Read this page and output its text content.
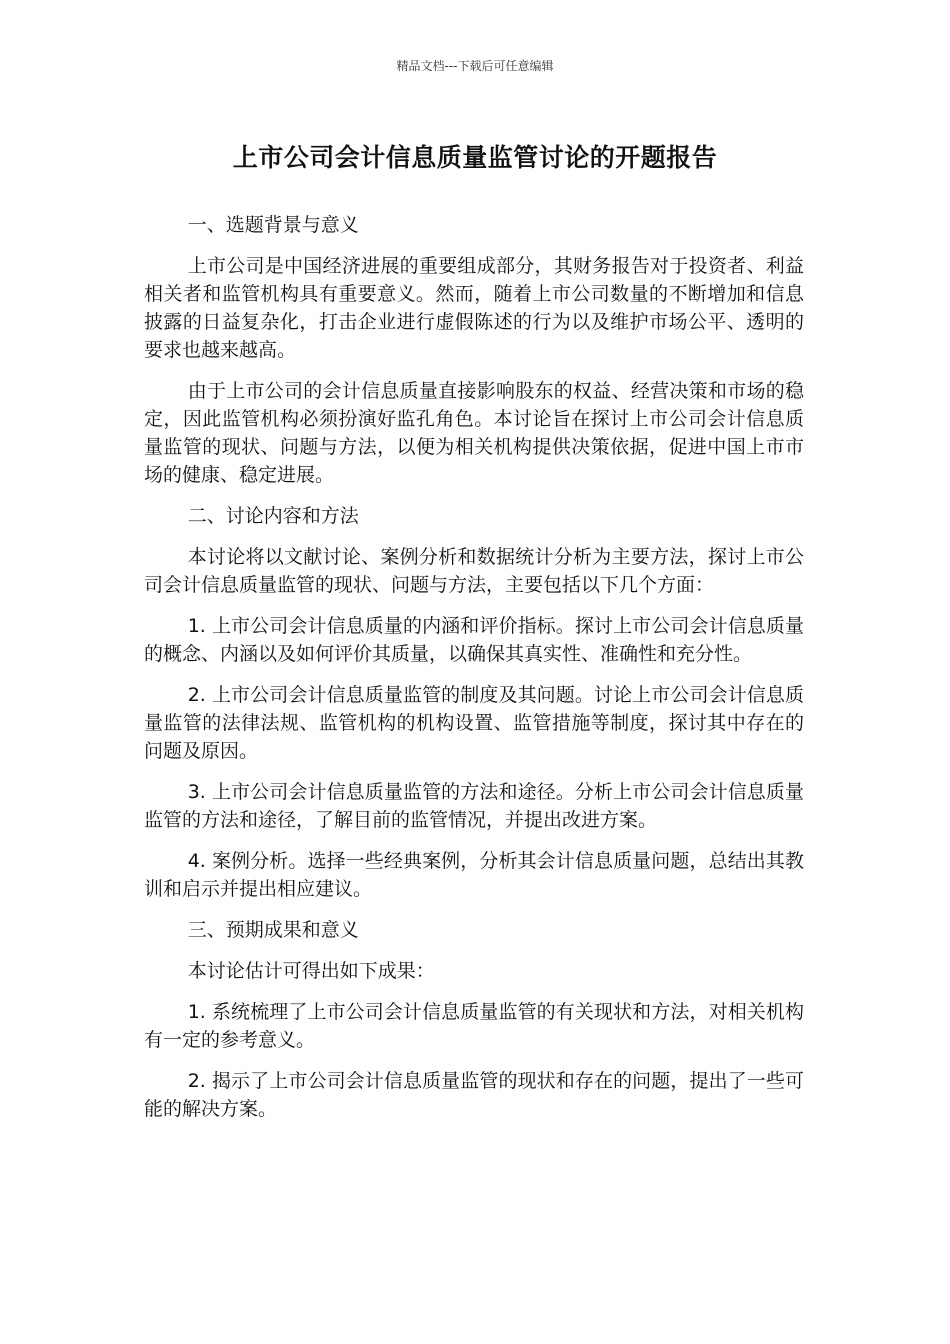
精品文档---下载后可任意编辑
上市公司会计信息质量监管讨论的开题报告

一、选题背景与意义

上市公司是中国经济进展的重要组成部分，其财务报告对于投资者、利益相关者和监管机构具有重要意义。然而，随着上市公司数量的不断增加和信息披露的日益复杂化，打击企业进行虚假陈述的行为以及维护市场公平、透明的要求也越来越高。

由于上市公司的会计信息质量直接影响股东的权益、经营决策和市场的稳定，因此监管机构必须扮演好监孔角色。本讨论旨在探讨上市公司会计信息质量监管的现状、问题与方法，以便为相关机构提供决策依据，促进中国上市市场的健康、稳定进展。

二、讨论内容和方法

本讨论将以文献讨论、案例分析和数据统计分析为主要方法，探讨上市公司会计信息质量监管的现状、问题与方法，主要包括以下几个方面：

1. 上市公司会计信息质量的内涵和评价指标。探讨上市公司会计信息质量的概念、内涵以及如何评价其质量，以确保其真实性、准确性和充分性。

2. 上市公司会计信息质量监管的制度及其问题。讨论上市公司会计信息质量监管的法律法规、监管机构的机构设置、监管措施等制度，探讨其中存在的问题及原因。

3. 上市公司会计信息质量监管的方法和途径。分析上市公司会计信息质量监管的方法和途径，了解目前的监管情况，并提出改进方案。

4. 案例分析。选择一些经典案例，分析其会计信息质量问题，总结出其教训和启示并提出相应建议。

三、预期成果和意义

本讨论估计可得出如下成果：

1. 系统梳理了上市公司会计信息质量监管的有关现状和方法，对相关机构有一定的参考意义。

2. 揭示了上市公司会计信息质量监管的现状和存在的问题，提出了一些可能的解决方案。
